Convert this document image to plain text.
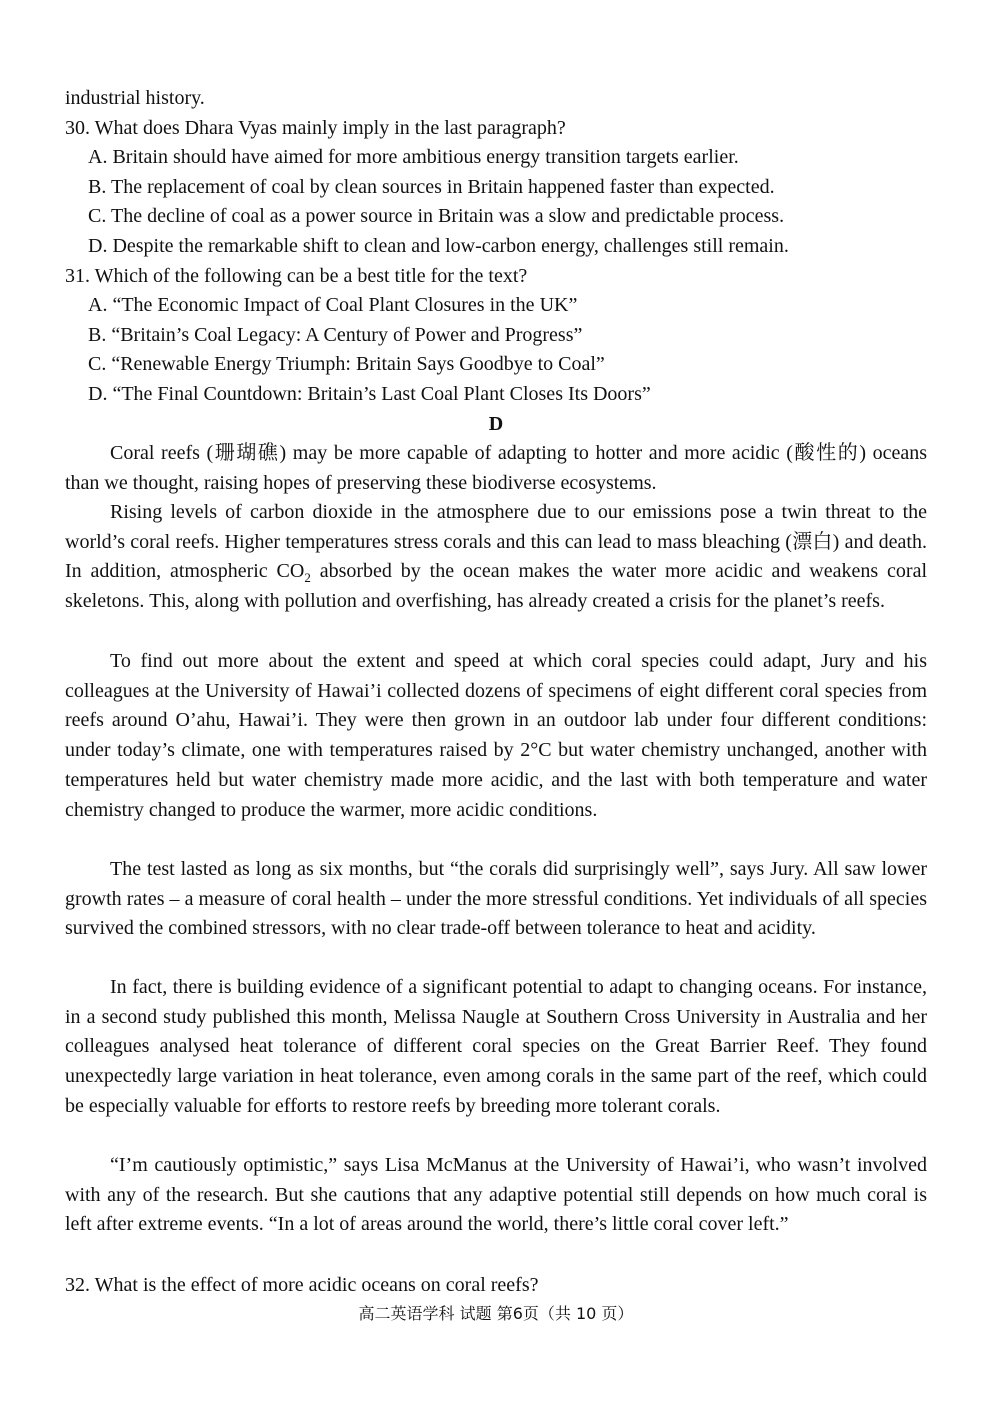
industrial history.
30. What does Dhara Vyas mainly imply in the last paragraph?
A. Britain should have aimed for more ambitious energy transition targets earlier.
B. The replacement of coal by clean sources in Britain happened faster than expected.
C. The decline of coal as a power source in Britain was a slow and predictable process.
D. Despite the remarkable shift to clean and low-carbon energy, challenges still remain.
31. Which of the following can be a best title for the text?
A. “The Economic Impact of Coal Plant Closures in the UK”
B. “Britain’s Coal Legacy: A Century of Power and Progress”
C. “Renewable Energy Triumph: Britain Says Goodbye to Coal”
D. “The Final Countdown: Britain’s Last Coal Plant Closes Its Doors”
D
Coral reefs (珊瑚礁) may be more capable of adapting to hotter and more acidic (酸性的) oceans than we thought, raising hopes of preserving these biodiverse ecosystems.
Rising levels of carbon dioxide in the atmosphere due to our emissions pose a twin threat to the world’s coral reefs. Higher temperatures stress corals and this can lead to mass bleaching (漂白) and death. In addition, atmospheric $CO_2$ absorbed by the ocean makes the water more acidic and weakens coral skeletons. This, along with pollution and overfishing, has already created a crisis for the planet’s reefs.
To find out more about the extent and speed at which coral species could adapt, Jury and his colleagues at the University of Hawai’i collected dozens of specimens of eight different coral species from reefs around O’ahu, Hawai’i. They were then grown in an outdoor lab under four different conditions: under today’s climate, one with temperatures raised by 2°C but water chemistry unchanged, another with temperatures held but water chemistry made more acidic, and the last with both temperature and water chemistry changed to produce the warmer, more acidic conditions.
The test lasted as long as six months, but “the corals did surprisingly well”, says Jury. All saw lower growth rates – a measure of coral health – under the more stressful conditions. Yet individuals of all species survived the combined stressors, with no clear trade-off between tolerance to heat and acidity.
In fact, there is building evidence of a significant potential to adapt to changing oceans. For instance, in a second study published this month, Melissa Naugle at Southern Cross University in Australia and her colleagues analysed heat tolerance of different coral species on the Great Barrier Reef. They found unexpectedly large variation in heat tolerance, even among corals in the same part of the reef, which could be especially valuable for efforts to restore reefs by breeding more tolerant corals.
“I’m cautiously optimistic,” says Lisa McManus at the University of Hawai’i, who wasn’t involved with any of the research. But she cautions that any adaptive potential still depends on how much coral is left after extreme events. “In a lot of areas around the world, there’s little coral cover left.”
32. What is the effect of more acidic oceans on coral reefs?
高二英语学科 试题 第6页（共 10 页）
